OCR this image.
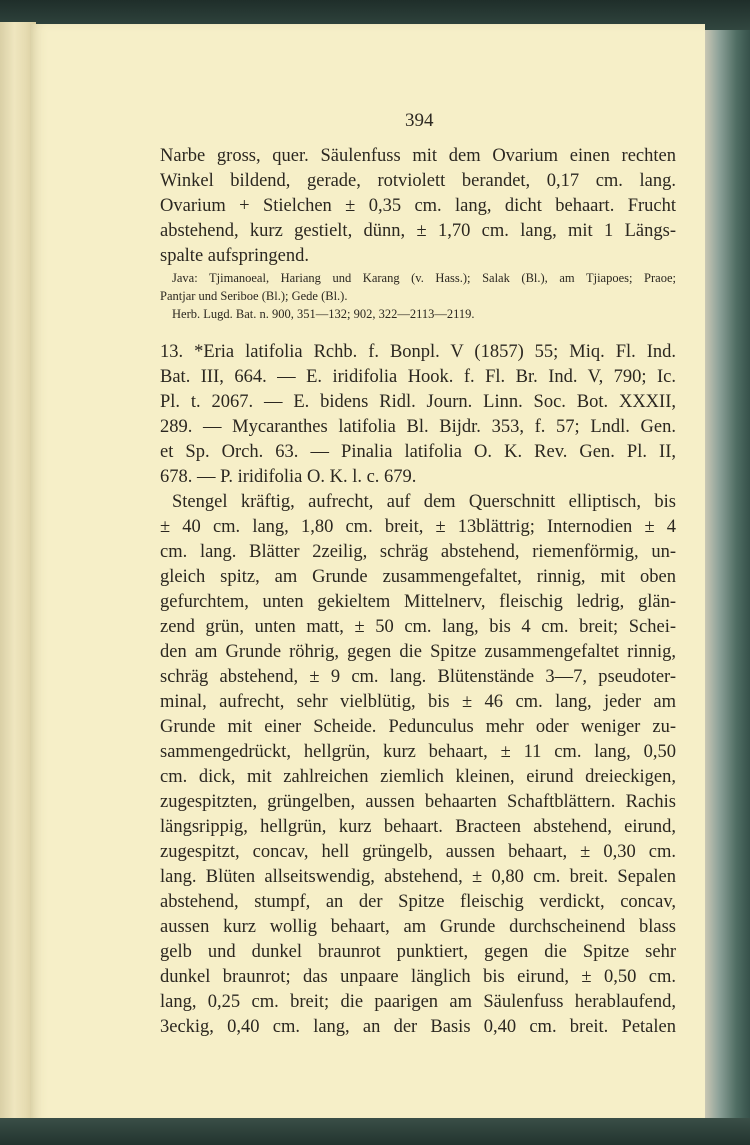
394
Narbe gross, quer. Säulenfuss mit dem Ovarium einen rechten
Winkel bildend, gerade, rotviolett berandet, 0,17 cm. lang.
Ovarium + Stielchen ± 0,35 cm. lang, dicht behaart. Frucht
abstehend, kurz gestielt, dünn, ± 1,70 cm. lang, mit 1 Längs-
spalte aufspringend.
Java: Tjimanoeal, Hariang und Karang (v. Hass.); Salak (Bl.), am Tjiapoes; Praoe;
Pantjar und Seriboe (Bl.); Gede (Bl.).
Herb. Lugd. Bat. n. 900, 351—132; 902, 322—2113—2119.
13. *Eria latifolia Rchb. f. Bonpl. V (1857) 55; Miq. Fl. Ind.
Bat. III, 664. — E. iridifolia Hook. f. Fl. Br. Ind. V, 790; Ic.
Pl. t. 2067. — E. bidens Ridl. Journ. Linn. Soc. Bot. XXXII,
289. — Mycaranthes latifolia Bl. Bijdr. 353, f. 57; Lndl. Gen.
et Sp. Orch. 63. — Pinalia latifolia O. K. Rev. Gen. Pl. II,
678. — P. iridifolia O. K. l. c. 679.
Stengel kräftig, aufrecht, auf dem Querschnitt elliptisch, bis
± 40 cm. lang, 1,80 cm. breit, ± 13blättrig; Internodien ± 4
cm. lang. Blätter 2zeilig, schräg abstehend, riemenförmig, un-
gleich spitz, am Grunde zusammengefaltet, rinnig, mit oben
gefurchtem, unten gekieltem Mittelnerv, fleischig ledrig, glän-
zend grün, unten matt, ± 50 cm. lang, bis 4 cm. breit; Schei-
den am Grunde röhrig, gegen die Spitze zusammengefaltet rinnig,
schräg abstehend, ± 9 cm. lang. Blütenstände 3—7, pseudoter-
minal, aufrecht, sehr vielblütig, bis ± 46 cm. lang, jeder am
Grunde mit einer Scheide. Pedunculus mehr oder weniger zu-
sammengedrückt, hellgrün, kurz behaart, ± 11 cm. lang, 0,50
cm. dick, mit zahlreichen ziemlich kleinen, eirund dreieckigen,
zugespitzten, grüngelben, aussen behaarten Schaftblättern. Rachis
längsrippig, hellgrün, kurz behaart. Bracteen abstehend, eirund,
zugespitzt, concav, hell grüngelb, aussen behaart, ± 0,30 cm.
lang. Blüten allseitswendig, abstehend, ± 0,80 cm. breit. Sepalen
abstehend, stumpf, an der Spitze fleischig verdickt, concav,
aussen kurz wollig behaart, am Grunde durchscheinend blass
gelb und dunkel braunrot punktiert, gegen die Spitze sehr
dunkel braunrot; das unpaare länglich bis eirund, ± 0,50 cm.
lang, 0,25 cm. breit; die paarigen am Säulenfuss herablaufend,
3eckig, 0,40 cm. lang, an der Basis 0,40 cm. breit. Petalen
